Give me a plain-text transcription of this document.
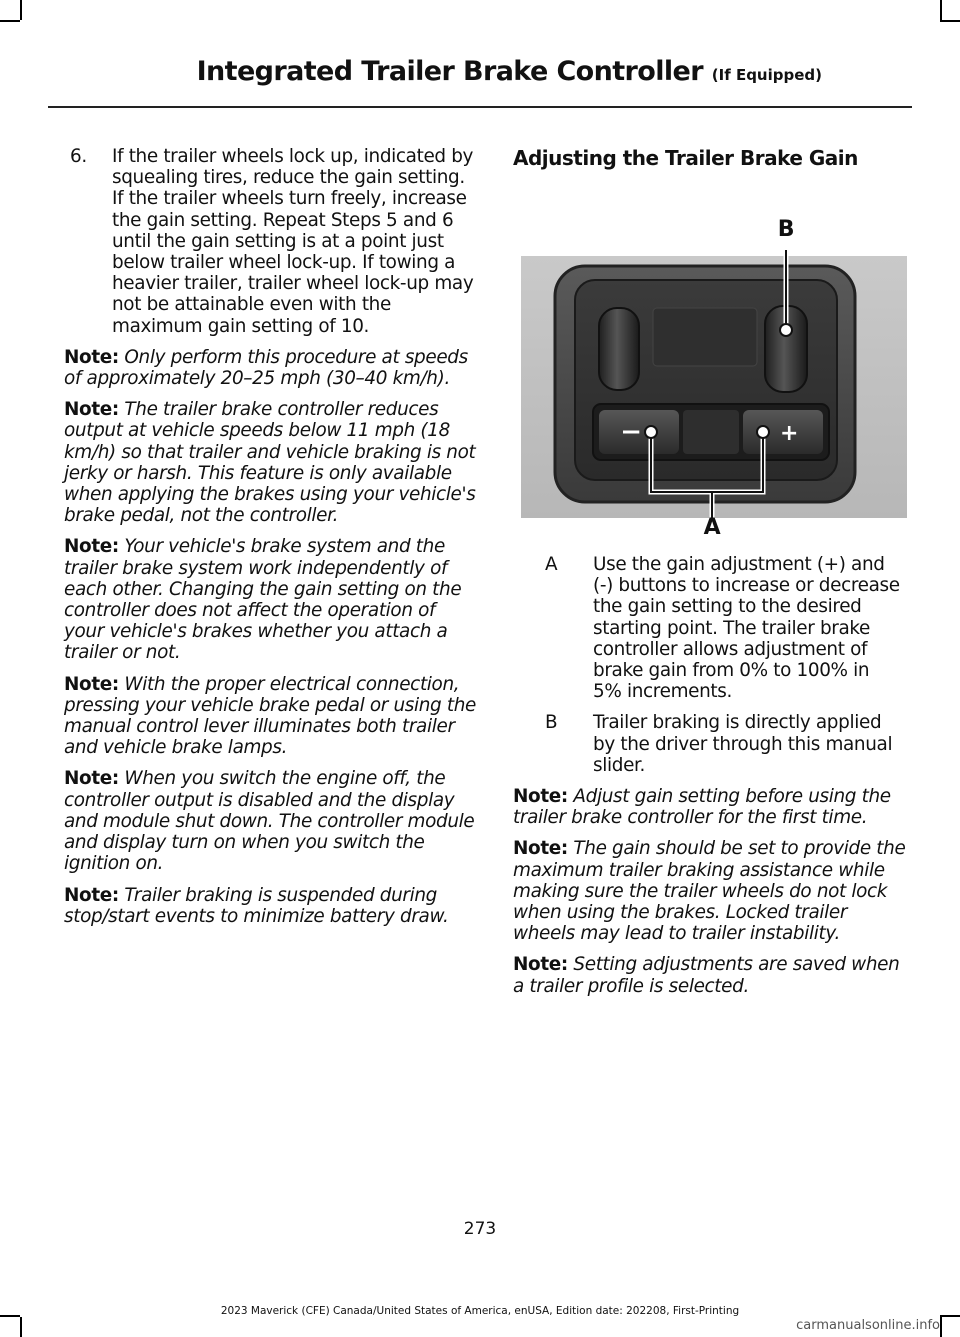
Integrated Trailer Brake Controller (If Equipped)
6.	If the trailer wheels lock up, indicated by squealing tires, reduce the gain setting. If the trailer wheels turn freely, increase the gain setting. Repeat Steps 5 and 6 until the gain setting is at a point just below trailer wheel lock-up. If towing a heavier trailer, trailer wheel lock-up may not be attainable even with the maximum gain setting of 10.

Note: Only perform this procedure at speeds of approximately 20–25 mph (30–40 km/h).

Note: The trailer brake controller reduces output at vehicle speeds below 11 mph (18 km/h) so that trailer and vehicle braking is not jerky or harsh. This feature is only available when applying the brakes using your vehicle's brake pedal, not the controller.

Note: Your vehicle's brake system and the trailer brake system work independently of each other. Changing the gain setting on the controller does not affect the operation of your vehicle's brakes whether you attach a trailer or not.

Note: With the proper electrical connection, pressing your vehicle brake pedal or using the manual control lever illuminates both trailer and vehicle brake lamps.

Note: When you switch the engine off, the controller output is disabled and the display and module shut down. The controller module and display turn on when you switch the ignition on.

Note: Trailer braking is suspended during stop/start events to minimize battery draw.

Adjusting the Trailer Brake Gain
−	+
B
A
A	Use the gain adjustment (+) and (-) buttons to increase or decrease the gain setting to the desired starting point. The trailer brake controller allows adjustment of brake gain from 0% to 100% in 5% increments.
B	Trailer braking is directly applied by the driver through this manual slider.

Note: Adjust gain setting before using the trailer brake controller for the first time.

Note: The gain should be set to provide the maximum trailer braking assistance while making sure the trailer wheels do not lock when using the brakes. Locked trailer wheels may lead to trailer instability.

Note: Setting adjustments are saved when a trailer profile is selected.

273
2023 Maverick (CFE) Canada/United States of America, enUSA, Edition date: 202208, First-Printing
carmanualsonline.info
